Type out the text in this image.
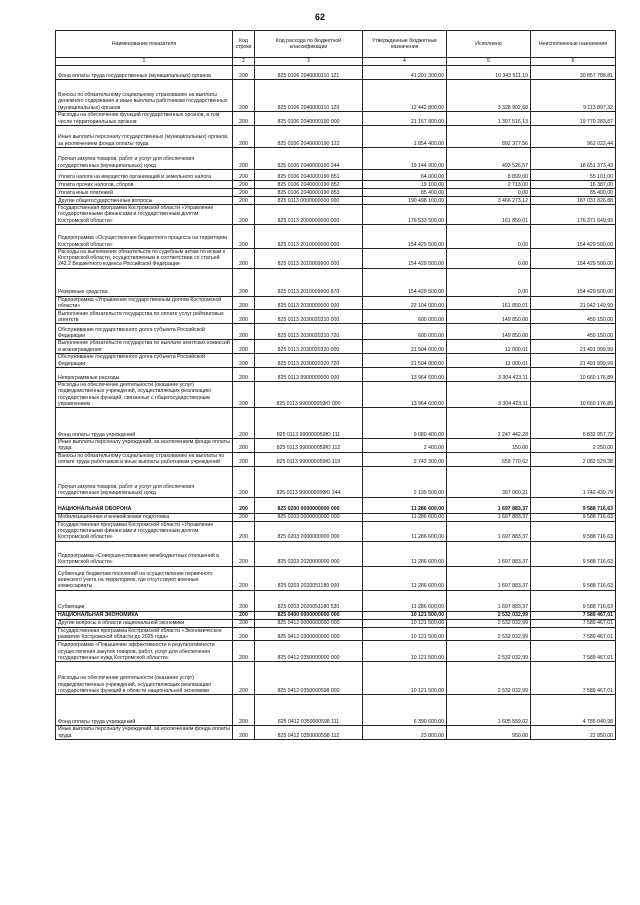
62
Наименование показателя	Код строки	Код расхода по бюджетной классификации	Утвержденные бюджетные назначения	Исполнено	Неисполненные назначения
1	2	3	4	5	6
Фонд оплаты труда государственных (муниципальных) органов	200	825 0106 2040000110 121	41 201 300,00	10 343 511,19	30 857 788,81
Взносы по обязательному социальному страхованию на выплаты денежного содержания и иные выплаты работникам государственных (муниципальных) органов	200	825 0106 2040000110 129	12 442 800,00	3 328 902,68	9 113 897,32
Расходы на обеспечение функций государственных органов, в том числе территориальных органов	200	825 0106 2040000190 000	21 167 800,00	1 397 516,13	19 770 283,87
Иные выплаты персоналу государственных (муниципальных) органов, за исключением фонда оплаты труда	200	825 0106 2040000190 122	1 854 400,00	892 377,56	962 022,44
Прочая закупка товаров, работ и услуг для обеспечения государственных (муниципальных) нужд	200	825 0106 2040000190 244	19 144 900,00	493 526,57	18 651 373,43
Уплата налога на имущество организаций и земельного налога	200	825 0106 2040000190 851	64 000,00	8 899,00	55 101,00
Уплата прочих налогов, сборов	200	825 0106 2040000190 852	19 100,00	2 713,00	16 387,00
Уплата иных платежей	200	825 0106 2040000190 853	85 400,00	0,00	85 400,00
Другие общегосударственные вопросы	200	825 0113 0000000000 000	190 498 100,00	3 466 273,12	187 031 826,88
Государственная программа Костромской области «Управление государственными финансами и государственным долгом Костромской области»	200	825 0113 2000000000 000	176 533 500,00	161 850,01	176 371 649,99
Подпрограмма «Осуществление бюджетного процесса на территории Костромской области»	200	825 0113 2010000000 000	154 429 500,00	0,00	154 429 500,00
Расходы на выполнение обязательств по судебным актам по искам к Костромской области, осуществляемым в соответствии со статьей 242.2 Бюджетного кодекса Российской Федерации	200	825 0113 2010009900 000	154 429 500,00	0,00	154 429 500,00
Резервные средства	200	825 0113 2010009900 870	154 429 500,00	0,00	154 429 500,00
Подпрограмма «Управление государственным долгом Костромской области»	200	825 0113 2030000000 000	22 104 000,00	161 850,01	21 942 149,99
Выполнение обязательств государства по оплате услуг рейтинговых агентств	200	825 0113 2030020310 000	600 000,00	149 850,00	450 150,00
Обслуживание государственного долга субъекта Российской Федерации	200	825 0113 2030020310 720	600 000,00	149 850,00	450 150,00
Выполнение обязательств государства по выплате агентских комиссий и вознаграждения	200	825 0113 2030020320 000	21 504 000,00	12 000,01	21 491 999,99
Обслуживание государственного долга субъекта Российской Федерации	200	825 0113 2030020320 720	21 504 000,00	12 000,01	21 491 999,99
Непрограммные расходы	200	825 0113 9900000000 000	13 964 600,00	3 304 423,11	10 660 176,89
Расходы на обеспечение деятельности (оказание услуг) подведомственных учреждений, осуществляющих реализацию государственных функций, связанных с общегосударственным управлением	200	825 0113 990000059Ю 000	13 964 600,00	3 304 423,11	10 660 176,89
Фонд оплаты труда учреждений	200	825 0113 990000059Ю 111	9 080 400,00	2 247 442,28	6 832 957,72
Иные выплаты персоналу учреждений, за исключением фонда оплаты труда	200	825 0113 990000059Ю 112	2 400,00	150,00	2 250,00
Взносы по обязательному социальному страхованию на выплаты по оплате труда работников и иные выплаты работникам учреждений	200	825 0113 990000059Ю 119	2 742 300,00	659 770,62	2 082 529,38
Прочая закупка товаров, работ и услуг для обеспечения государственных (муниципальных) нужд	200	825 0113 990000059Ю 244	2 139 500,00	397 060,21	1 742 439,79
НАЦИОНАЛЬНАЯ ОБОРОНА	200	825 0200 0000000000 000	11 286 600,00	1 697 883,37	9 588 716,63
Мобилизационная и вневойсковая подготовка	200	825 0203 0000000000 000	11 286 600,00	1 697 883,37	9 588 716,63
Государственная программа Костромской области «Управление государственными финансами и государственным долгом Костромской области»	200	825 0203 2000000000 000	11 286 600,00	1 697 883,37	9 588 716,63
Подпрограмма «Совершенствование межбюджетных отношений в Костромской области»	200	825 0203 2020000000 000	11 286 600,00	1 697 883,37	9 588 716,63
Субвенции бюджетам поселений на осуществление первичного воинского учета на территориях, где отсутствуют военные комиссариаты	200	825 0203 2020051180 000	11 286 600,00	1 697 883,37	9 588 716,63
Субвенции	200	825 0203 2020051180 530	11 286 600,00	1 697 883,37	9 588 716,63
НАЦИОНАЛЬНАЯ ЭКОНОМИКА	200	825 0400 0000000000 000	10 121 500,00	2 532 032,99	7 589 467,01
Другие вопросы в области национальной экономики	200	825 0412 0000000000 000	10 121 500,00	2 532 032,99	7 589 467,01
Государственная программа Костромской области «Экономическое развитие Костромской области до 2025 года»	200	825 0412 0300000000 000	10 121 500,00	2 532 032,99	7 589 467,01
Подпрограмма «Повышение эффективности и результативности осуществления закупок товаров, работ, услуг для обеспечения государственных нужд Костромской области»	200	825 0412 0350000000 000	10 121 500,00	2 532 032,99	7 589 467,01
Расходы на обеспечение деятельности (оказание услуг) подведомственных учреждений, осуществляющих реализацию государственных функций в области национальной экономики	200	825 0412 0350000598 000	10 121 500,00	2 532 032,99	7 589 467,01
Фонд оплаты труда учреждений	200	825 0412 0350000598 111	6 390 600,00	1 605 559,02	4 785 040,98
Иные выплаты персоналу учреждений, за исключением фонда оплаты труда	200	825 0412 0350000598 112	23 800,00	950,00	22 850,00
